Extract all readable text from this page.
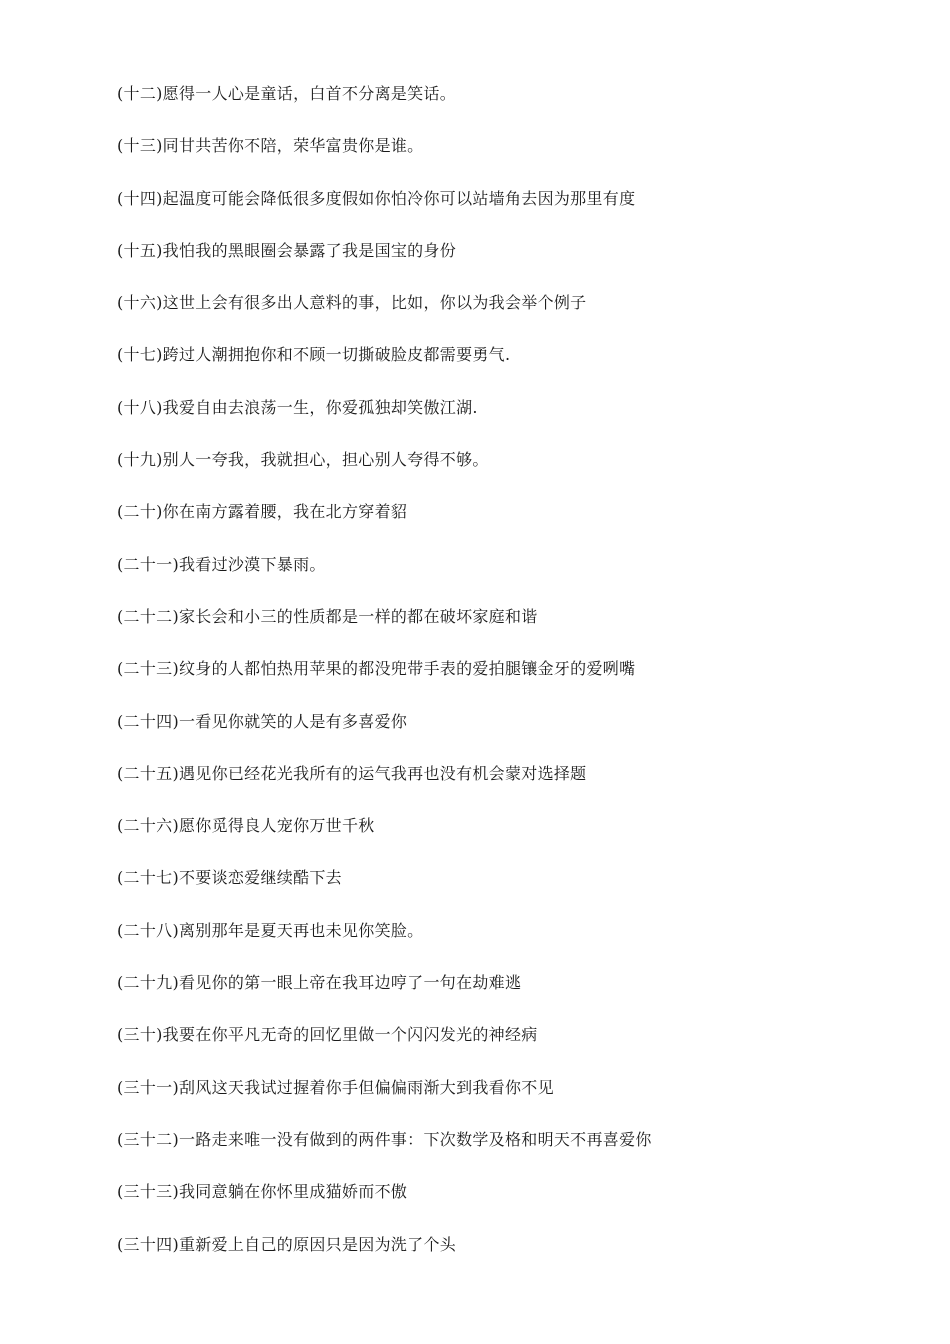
(十二)愿得一人心是童话，白首不分离是笑话。
(十三)同甘共苦你不陪，荣华富贵你是谁。
(十四)起温度可能会降低很多度假如你怕冷你可以站墙角去因为那里有度
(十五)我怕我的黑眼圈会暴露了我是国宝的身份
(十六)这世上会有很多出人意料的事，比如，你以为我会举个例子
(十七)跨过人潮拥抱你和不顾一切撕破脸皮都需要勇气.
(十八)我爱自由去浪荡一生，你爱孤独却笑傲江湖.
(十九)别人一夸我，我就担心，担心别人夸得不够。
(二十)你在南方露着腰，我在北方穿着貂
(二十一)我看过沙漠下暴雨。
(二十二)家长会和小三的性质都是一样的都在破坏家庭和谐
(二十三)纹身的人都怕热用苹果的都没兜带手表的爱拍腿镶金牙的爱咧嘴
(二十四)一看见你就笑的人是有多喜爱你
(二十五)遇见你已经花光我所有的运气我再也没有机会蒙对选择题
(二十六)愿你觅得良人宠你万世千秋
(二十七)不要谈恋爱继续酷下去
(二十八)离别那年是夏天再也未见你笑脸。
(二十九)看见你的第一眼上帝在我耳边哼了一句在劫难逃
(三十)我要在你平凡无奇的回忆里做一个闪闪发光的神经病
(三十一)刮风这天我试过握着你手但偏偏雨渐大到我看你不见
(三十二)一路走来唯一没有做到的两件事：下次数学及格和明天不再喜爱你
(三十三)我同意躺在你怀里成猫娇而不傲
(三十四)重新爱上自己的原因只是因为洗了个头
